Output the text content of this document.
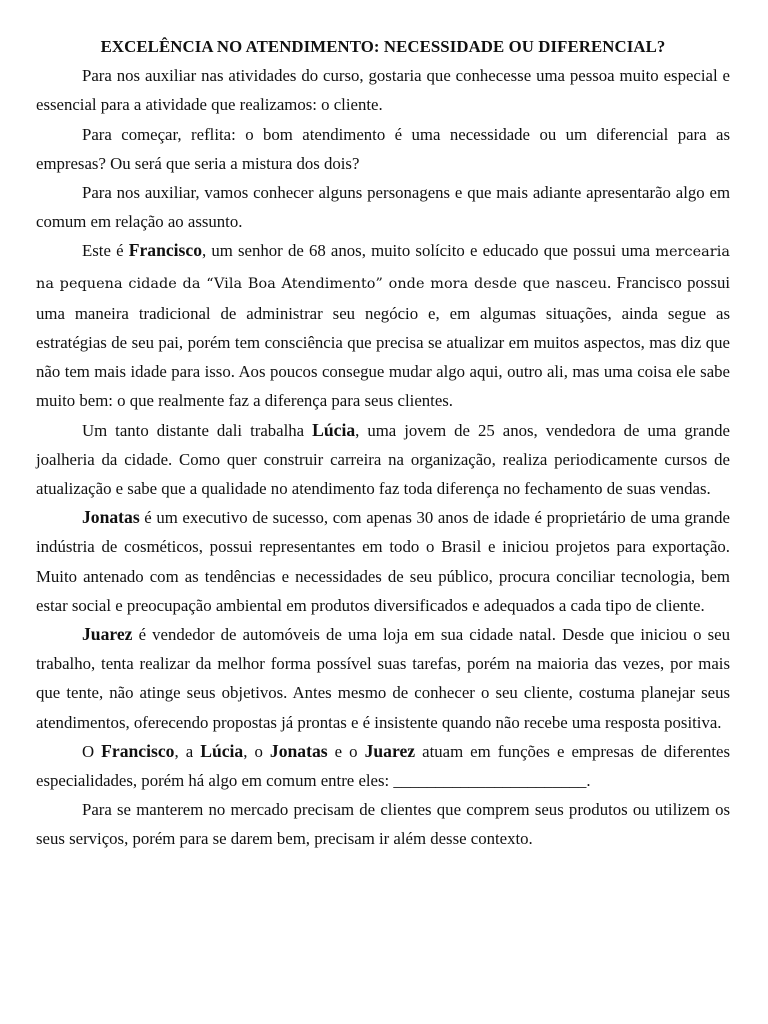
EXCELÊNCIA NO ATENDIMENTO: NECESSIDADE OU DIFERENCIAL?

Para nos auxiliar nas atividades do curso, gostaria que conhecesse uma pessoa muito especial e essencial para a atividade que realizamos: o cliente.

Para começar, reflita: o bom atendimento é uma necessidade ou um diferencial para as empresas? Ou será que seria a mistura dos dois?

Para nos auxiliar, vamos conhecer alguns personagens e que mais adiante apresentarão algo em comum em relação ao assunto.

Este é Francisco, um senhor de 68 anos, muito solícito e educado que possui uma mercearia na pequena cidade da “Vila Boa Atendimento” onde mora desde que nasceu. Francisco possui uma maneira tradicional de administrar seu negócio e, em algumas situações, ainda segue as estratégias de seu pai, porém tem consciência que precisa se atualizar em muitos aspectos, mas diz que não tem mais idade para isso. Aos poucos consegue mudar algo aqui, outro ali, mas uma coisa ele sabe muito bem: o que realmente faz a diferença para seus clientes.

Um tanto distante dali trabalha Lúcia, uma jovem de 25 anos, vendedora de uma grande joalheria da cidade. Como quer construir carreira na organização, realiza periodicamente cursos de atualização e sabe que a qualidade no atendimento faz toda diferença no fechamento de suas vendas.

Jonatas é um executivo de sucesso, com apenas 30 anos de idade é proprietário de uma grande indústria de cosméticos, possui representantes em todo o Brasil e iniciou projetos para exportação. Muito antenado com as tendências e necessidades de seu público, procura conciliar tecnologia, bem estar social e preocupação ambiental em produtos diversificados e adequados a cada tipo de cliente.

Juarez é vendedor de automóveis de uma loja em sua cidade natal. Desde que iniciou o seu trabalho, tenta realizar da melhor forma possível suas tarefas, porém na maioria das vezes, por mais que tente, não atinge seus objetivos. Antes mesmo de conhecer o seu cliente, costuma planejar seus atendimentos, oferecendo propostas já prontas e é insistente quando não recebe uma resposta positiva.

O Francisco, a Lúcia, o Jonatas e o Juarez atuam em funções e empresas de diferentes especialidades, porém há algo em comum entre eles: _______________________.

Para se manterem no mercado precisam de clientes que comprem seus produtos ou utilizem os seus serviços, porém para se darem bem, precisam ir além desse contexto.
